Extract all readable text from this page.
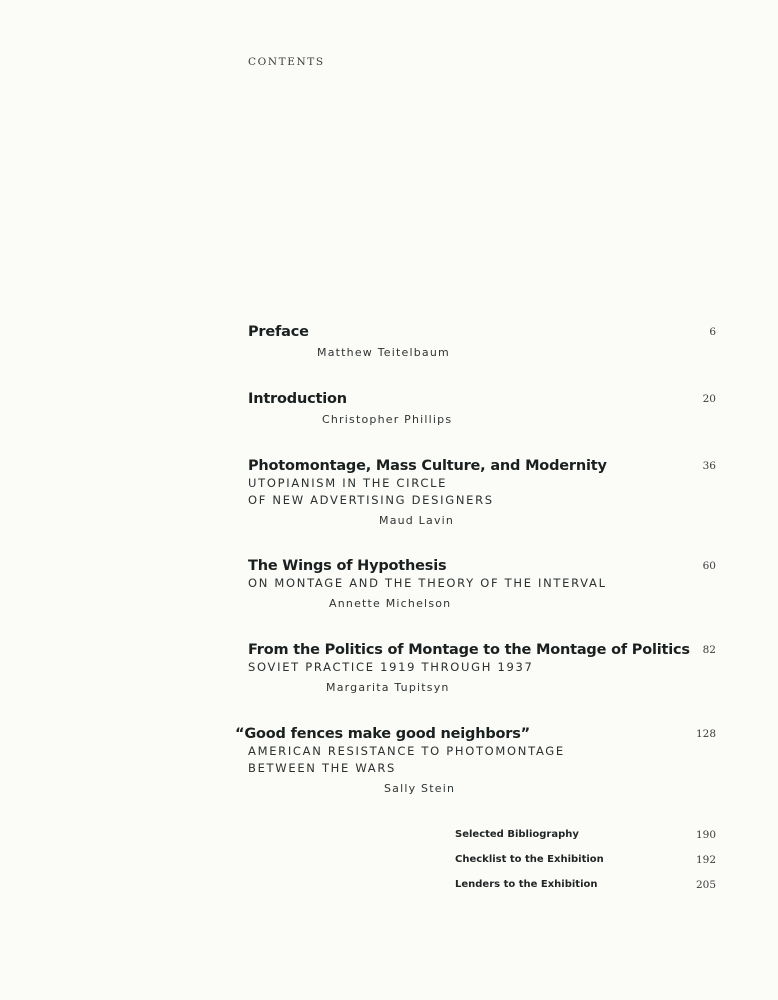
CONTENTS
Preface	6
Matthew Teitelbaum
Introduction	20
Christopher Phillips
Photomontage, Mass Culture, and Modernity	36
UTOPIANISM IN THE CIRCLE
OF NEW ADVERTISING DESIGNERS
Maud Lavin
The Wings of Hypothesis	60
ON MONTAGE AND THE THEORY OF THE INTERVAL
Annette Michelson
From the Politics of Montage to the Montage of Politics	82
SOVIET PRACTICE 1919 THROUGH 1937
Margarita Tupitsyn
“Good fences make good neighbors”	128
AMERICAN RESISTANCE TO PHOTOMONTAGE
BETWEEN THE WARS
Sally Stein
Selected Bibliography	190
Checklist to the Exhibition	192
Lenders to the Exhibition	205
